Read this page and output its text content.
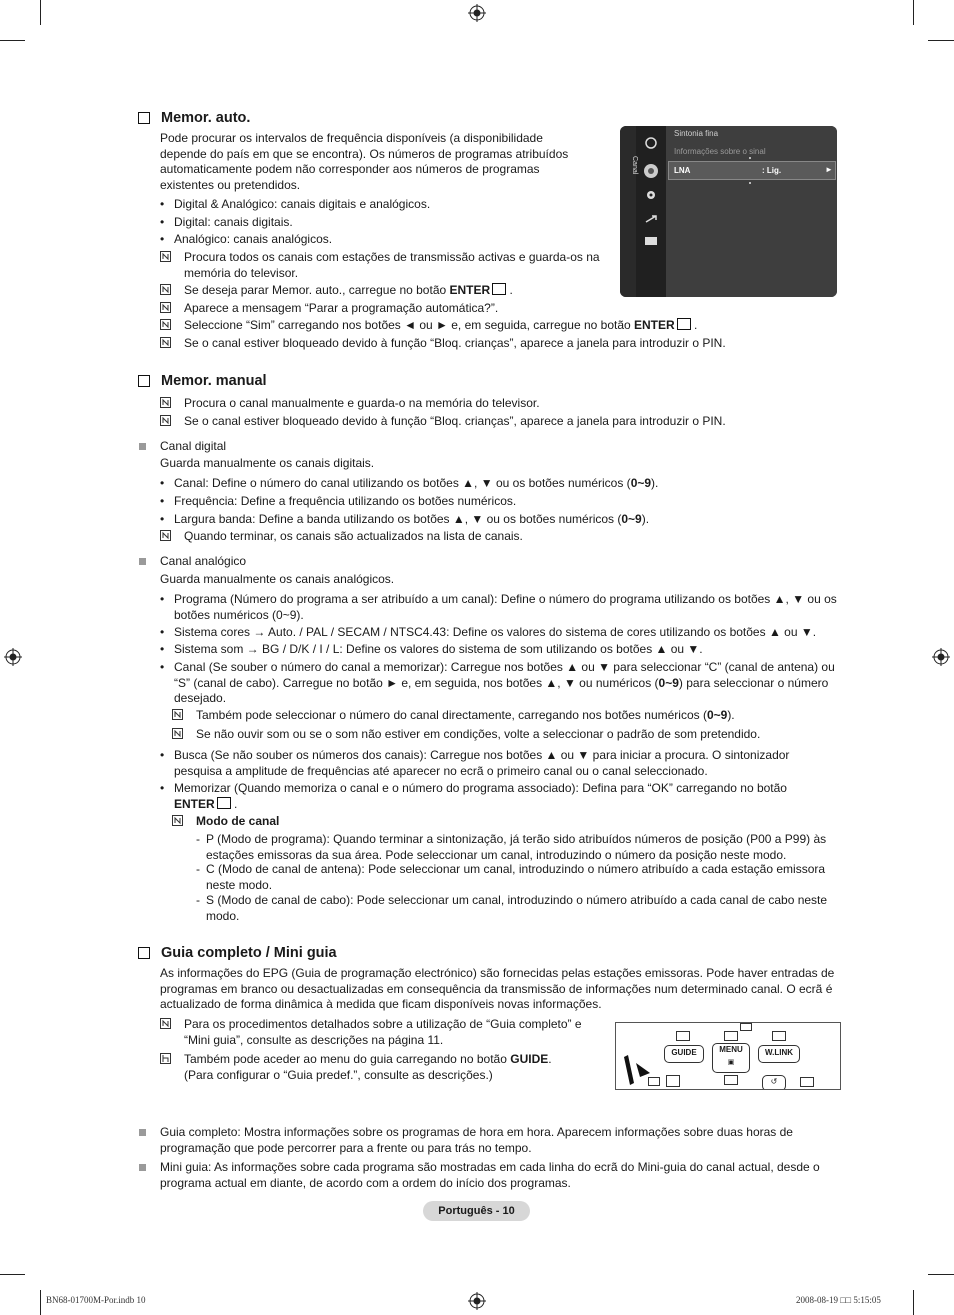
Memor. auto.
Pode procurar os intervalos de frequência disponíveis (a disponibilidade depende do país em que se encontra). Os números de programas atribuídos automaticamente podem não corresponder aos números de programas existentes ou pretendidos.
• Digital & Analógico: canais digitais e analógicos.
• Digital: canais digitais.
• Analógico: canais analógicos.
Procura todos os canais com estações de transmissão activas e guarda-os na memória do televisor.
Se deseja parar Memor. auto., carregue no botão ENTER .
Aparece a mensagem “Parar a programação automática?”.
Seleccione “Sim” carregando nos botões ◄ ou ► e, em seguida, carregue no botão ENTER .
Se o canal estiver bloqueado devido à função “Bloq. crianças”, aparece a janela para introduzir o PIN.
Canal
Sintonia fina
Informações sobre o sinal
LNA	: Lig.	►
Memor. manual
Procura o canal manualmente e guarda-o na memória do televisor.
Se o canal estiver bloqueado devido à função “Bloq. crianças”, aparece a janela para introduzir o PIN.
Canal digital
Guarda manualmente os canais digitais.
• Canal: Define o número do canal utilizando os botões ▲, ▼ ou os botões numéricos (0~9).
• Frequência: Define a frequência utilizando os botões numéricos.
• Largura banda: Define a banda utilizando os botões ▲, ▼ ou os botões numéricos (0~9).
Quando terminar, os canais são actualizados na lista de canais.
Canal analógico
Guarda manualmente os canais analógicos.
• Programa (Número do programa a ser atribuído a um canal): Define o número do programa utilizando os botões ▲, ▼ ou os botões numéricos (0~9).
• Sistema cores → Auto. / PAL / SECAM / NTSC4.43: Define os valores do sistema de cores utilizando os botões ▲ ou ▼.
• Sistema som → BG / D/K / I / L: Define os valores do sistema de som utilizando os botões ▲ ou ▼.
• Canal (Se souber o número do canal a memorizar): Carregue nos botões ▲ ou ▼ para seleccionar “C” (canal de antena) ou “S” (canal de cabo). Carregue no botão ► e, em seguida, nos botões ▲, ▼ ou numéricos (0~9) para seleccionar o número desejado.
Também pode seleccionar o número do canal directamente, carregando nos botões numéricos (0~9).
Se não ouvir som ou se o som não estiver em condições, volte a seleccionar o padrão de som pretendido.
• Busca (Se não souber os números dos canais): Carregue nos botões ▲ ou ▼ para iniciar a procura. O sintonizador pesquisa a amplitude de frequências até aparecer no ecrã o primeiro canal ou o canal seleccionado.
• Memorizar (Quando memoriza o canal e o número do programa associado): Defina para “OK” carregando no botão
ENTER .
Modo de canal
- P (Modo de programa): Quando terminar a sintonização, já terão sido atribuídos números de posição (P00 a P99) às estações emissoras da sua área. Pode seleccionar um canal, introduzindo o número da posição neste modo.
- C (Modo de canal de antena): Pode seleccionar um canal, introduzindo o número atribuído a cada estação emissora neste modo.
- S (Modo de canal de cabo): Pode seleccionar um canal, introduzindo o número atribuído a cada canal de cabo neste modo.
Guia completo / Mini guia
As informações do EPG (Guia de programação electrónico) são fornecidas pelas estações emissoras. Pode haver entradas de programas em branco ou desactualizadas em consequência da transmissão de informações num determinado canal. O ecrã é actualizado de forma dinâmica à medida que ficam disponíveis novas informações.
Para os procedimentos detalhados sobre a utilização de “Guia completo” e “Mini guia”, consulte as descrições na página 11.
Também pode aceder ao menu do guia carregando no botão GUIDE.
(Para configurar o “Guia predef.”, consulte as descrições.)
GUIDE	MENU
▣
W.LINK
↺
Guia completo: Mostra informações sobre os programas de hora em hora. Aparecem informações sobre duas horas de programação que pode percorrer para a frente ou para trás no tempo.
Mini guia: As informações sobre cada programa são mostradas em cada linha do ecrã do Mini-guia do canal actual, desde o programa actual em diante, de acordo com a ordem do início dos programas.
Português - 10
BN68-01700M-Por.indb 10	2008-08-19 □□ 5:15:05
